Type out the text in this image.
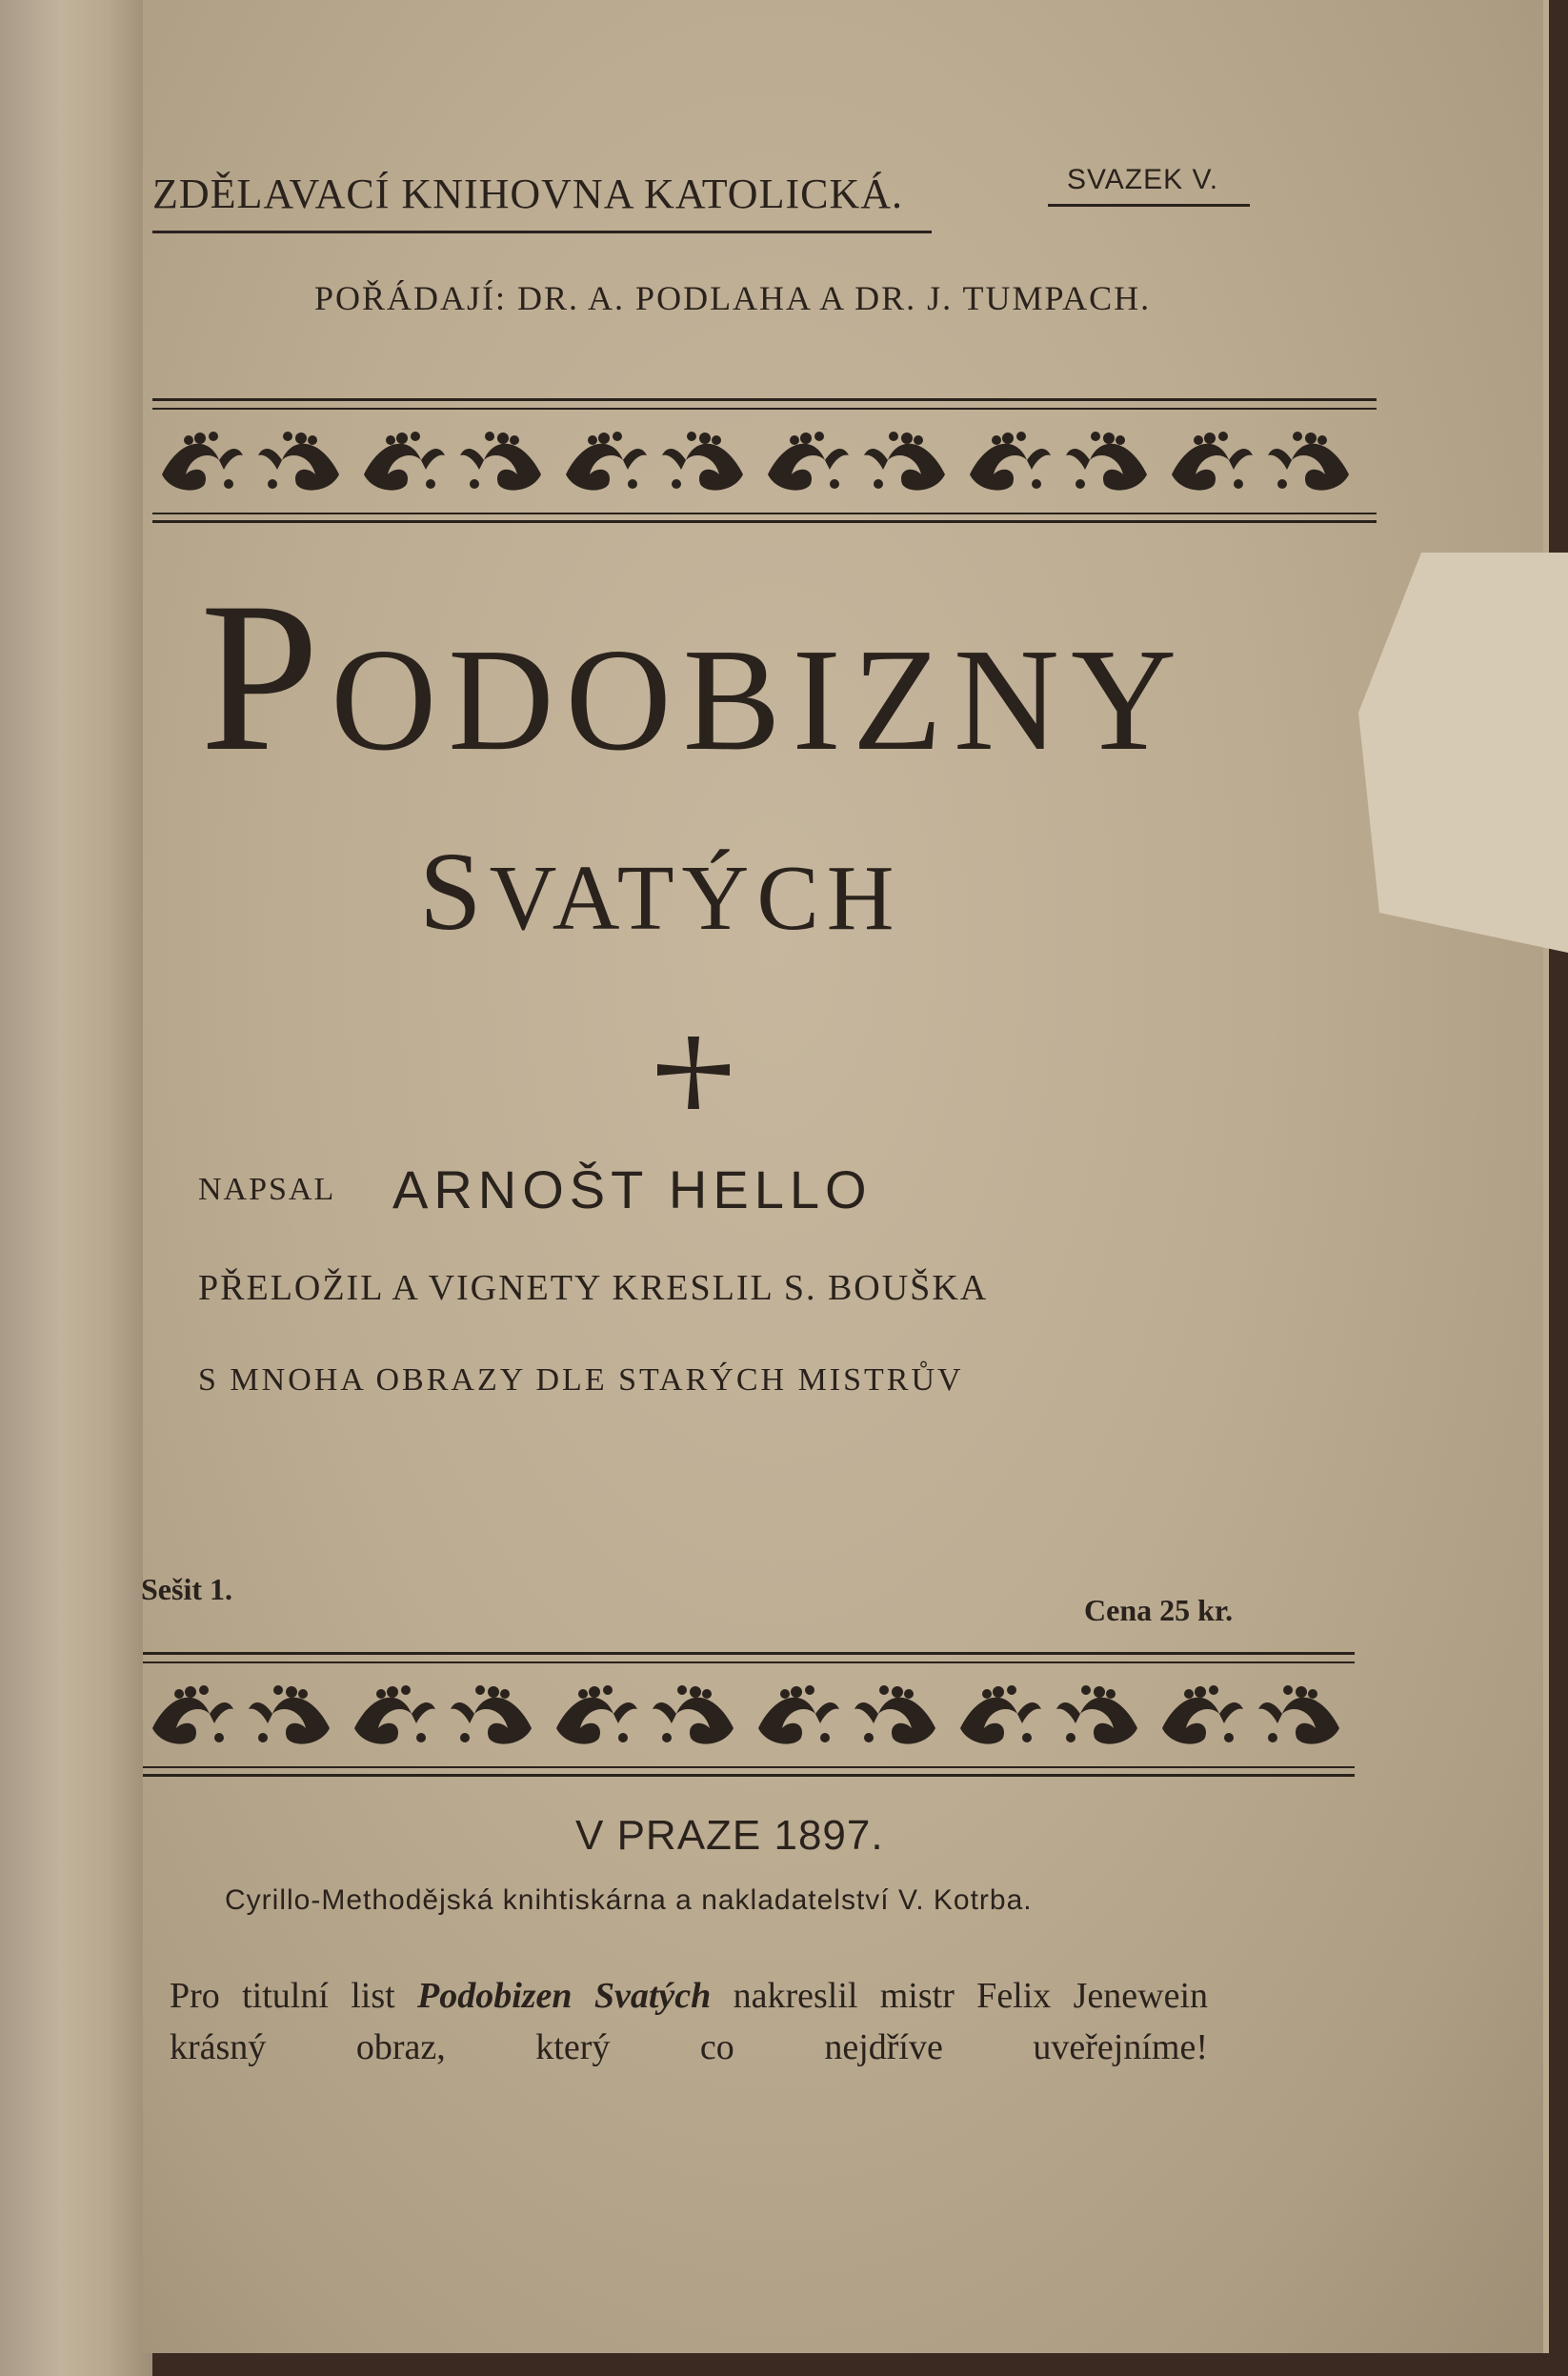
ZDĚLAVACÍ KNIHOVNA KATOLICKÁ.	SVAZEK V.
POŘÁDAJÍ: DR. A. PODLAHA A DR. J. TUMPACH.
PODOBIZNY
SVATÝCH
NAPSAL ARNOŠT HELLO
PŘELOŽIL A VIGNETY KRESLIL S. BOUŠKA
S MNOHA OBRAZY DLE STARÝCH MISTRŮV
Sešit 1.
Cena 25 kr.
V PRAZE 1897.
Cyrillo-Methodějská knihtiskárna a nakladatelství V. Kotrba.
Pro titulní list Podobizen Svatých nakreslil mistr Felix Jenewein krásný obraz, který co nejdříve uveřejníme!
